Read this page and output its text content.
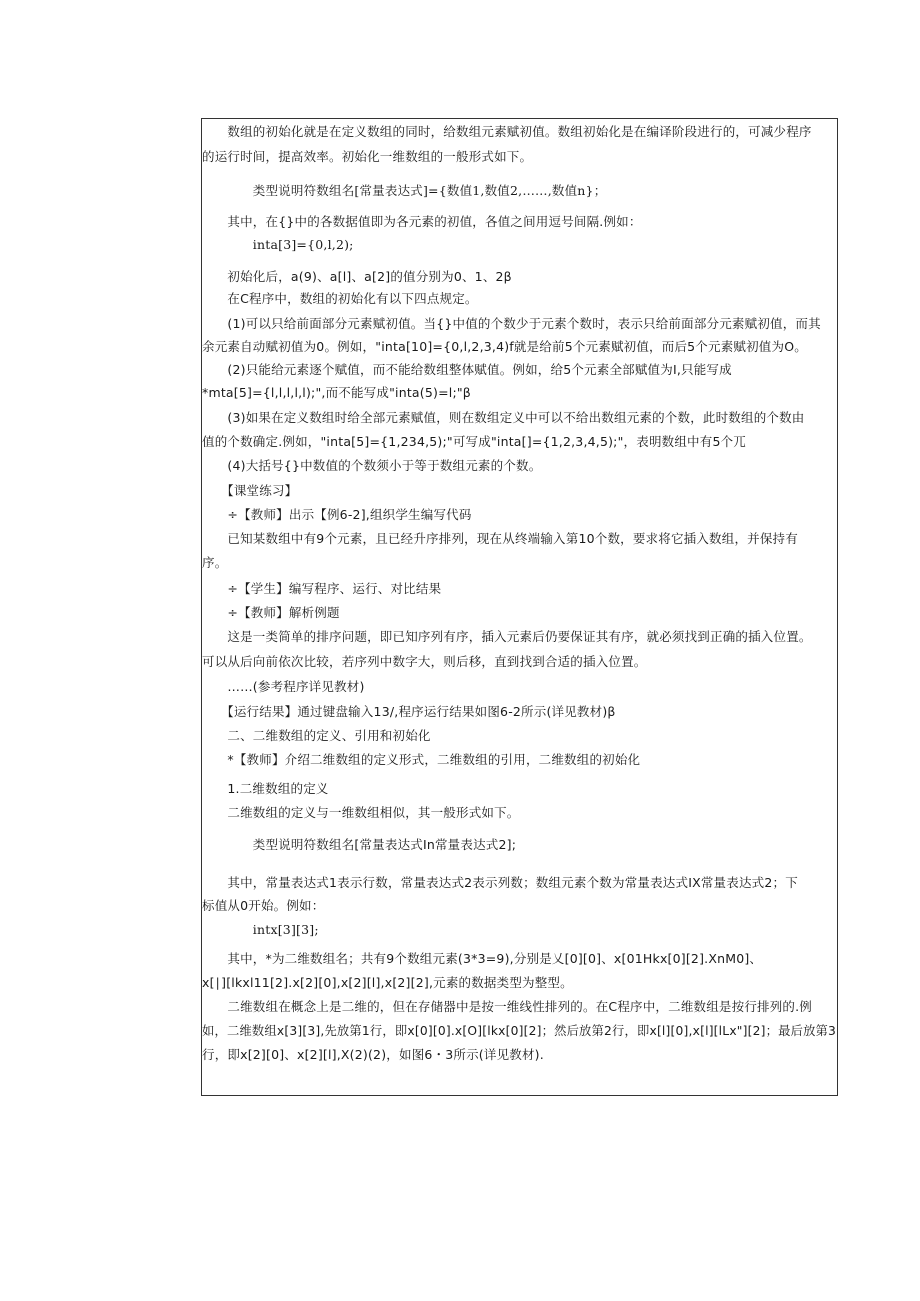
　　数组的初始化就是在定义数组的同时，给数组元素赋初值。数组初始化是在编译阶段进行的，可减少程序
的运行时间，提高效率。初始化一维数组的一般形式如下。
　　　　类型说明符数组名[常量表达式]={数值1,数值2,……,数值n}；
　　其中，在{}中的各数据值即为各元素的初值，各值之间用逗号间隔.例如：
　　　　inta[3]={0,l,2);
　　初始化后，a(9)、a[l]、a[2]的值分别为0、1、2β
　　在C程序中，数组的初始化有以下四点规定。
　　(1)可以只给前面部分元素赋初值。当{}中值的个数少于元素个数时，表示只给前面部分元素赋初值，而其
余元素自动赋初值为0。例如，"inta[10]={0,l,2,3,4)f就是给前5个元素赋初值，而后5个元素赋初值为O。
　　(2)只能给元素逐个赋值，而不能给数组整体赋值。例如，给5个元素全部赋值为I,只能写成
*mta[5]={l,l,l,l,l);",而不能写成"inta(5)=l;"β
　　(3)如果在定义数组时给全部元素赋值，则在数组定义中可以不给出数组元素的个数，此时数组的个数由
值的个数确定.例如，"inta[5]={1,234,5);"可写成"inta[]={1,2,3,4,5);"，表明数组中有5个兀
　　(4)大括号{}中数值的个数须小于等于数组元素的个数。
　　【课堂练习】
　　÷【教师】出示【例6-2],组织学生编写代码
　　已知某数组中有9个元素，且已经升序排列，现在从终端输入第10个数，要求将它插入数组，并保持有
序。
　　÷【学生】编写程序、运行、对比结果
　　÷【教师】解析例题
　　这是一类简单的排序问题，即已知序列有序，插入元素后仍要保证其有序，就必须找到正确的插入位置。
可以从后向前依次比较，若序列中数字大，则后移，直到找到合适的插入位置。
　　……(参考程序详见教材)
　　【运行结果】通过键盘输入13/,程序运行结果如图6-2所示(详见教材)β
　　二、二维数组的定义、引用和初始化
　　*【教师】介绍二维数组的定义形式，二维数组的引用，二维数组的初始化
　　1.二维数组的定义
　　二维数组的定义与一维数组相似，其一般形式如下。
　　　　类型说明符数组名[常量表达式In常量表达式2];
　　其中，常量表达式1表示行数，常量表达式2表示列数；数组元素个数为常量表达式IX常量表达式2；下
标值从0开始。例如：
　　　　intx[3][3];
　　其中，*为二维数组名；共有9个数组元素(3*3=9),分别是乂[0][0]、x[01Hkx[0][2].XnM0]、
x[∣][lkxl11[2].x[2][0],x[2][l],x[2][2],元素的数据类型为整型。
　　二维数组在概念上是二维的，但在存储器中是按一维线性排列的。在C程序中，二维数组是按行排列的.例
如，二维数组x[3][3],先放第1行，即x[0][0].x[O][lkx[0][2]；然后放第2行，即x[l][0],x[l][lLx"][2]；最后放第3
行，即x[2][0]、x[2][l],X(2)(2)，如图6・3所示(详见教材).
